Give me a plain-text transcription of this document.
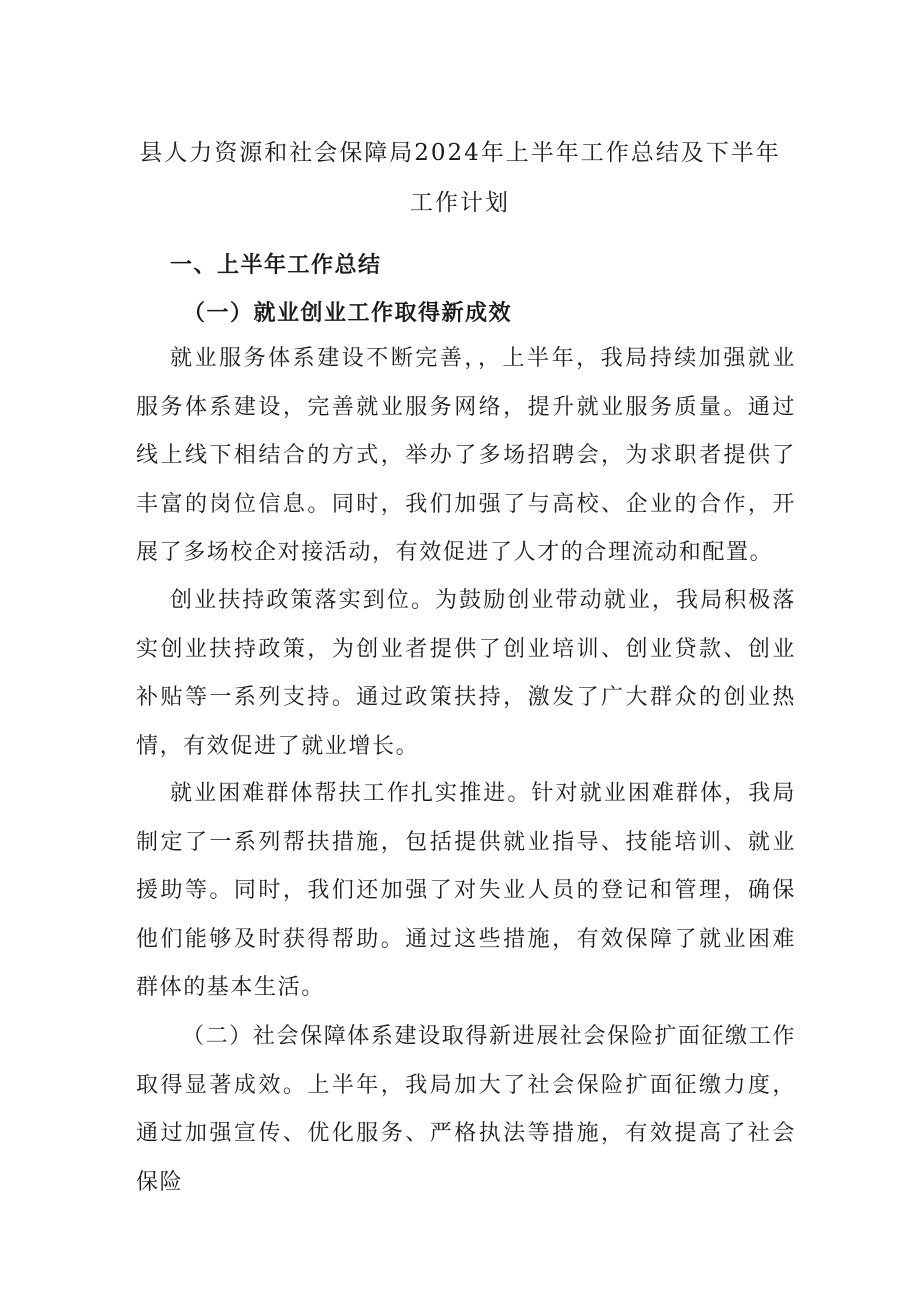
县人力资源和社会保障局2024年上半年工作总结及下半年
工作计划
一、上半年工作总结
（一）就业创业工作取得新成效

就业服务体系建设不断完善，，上半年，我局持续加强就业服务体系建设，完善就业服务网络，提升就业服务质量。通过线上线下相结合的方式，举办了多场招聘会，为求职者提供了丰富的岗位信息。同时，我们加强了与高校、企业的合作，开展了多场校企对接活动，有效促进了人才的合理流动和配置。

创业扶持政策落实到位。为鼓励创业带动就业，我局积极落实创业扶持政策，为创业者提供了创业培训、创业贷款、创业补贴等一系列支持。通过政策扶持，激发了广大群众的创业热情，有效促进了就业增长。

就业困难群体帮扶工作扎实推进。针对就业困难群体，我局制定了一系列帮扶措施，包括提供就业指导、技能培训、就业援助等。同时，我们还加强了对失业人员的登记和管理，确保他们能够及时获得帮助。通过这些措施，有效保障了就业困难群体的基本生活。

（二）社会保障体系建设取得新进展社会保险扩面征缴工作取得显著成效。上半年，我局加大了社会保险扩面征缴力度，通过加强宣传、优化服务、严格执法等措施，有效提高了社会保险
